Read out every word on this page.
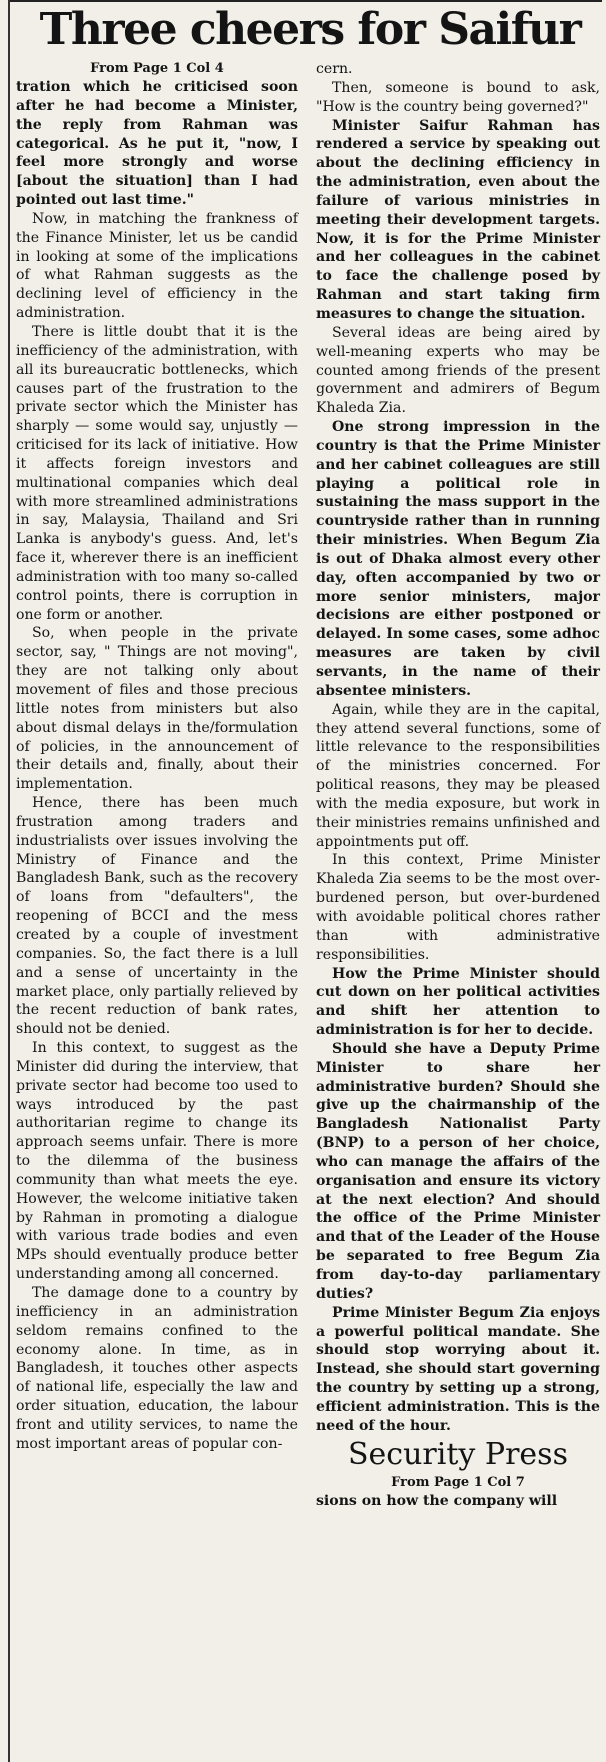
Three cheers for Saifur

From Page 1 Col 4

tration which he criticised soon after he had become a Minister, the reply from Rahman was categorical. As he put it, "now, I feel more strongly and worse [about the situation] than I had pointed out last time."

Now, in matching the frankness of the Finance Minister, let us be candid in looking at some of the implications of what Rahman suggests as the declining level of efficiency in the administration.

There is little doubt that it is the inefficiency of the administration, with all its bureaucratic bottlenecks, which causes part of the frustration to the private sector which the Minister has sharply — some would say, unjustly — criticised for its lack of initiative. How it affects foreign investors and multinational companies which deal with more streamlined administrations in say, Malaysia, Thailand and Sri Lanka is anybody's guess. And, let's face it, wherever there is an inefficient administration with too many so-called control points, there is corruption in one form or another.

So, when people in the private sector, say, " Things are not moving", they are not talking only about movement of files and those precious little notes from ministers but also about dismal delays in the/formulation of policies, in the announcement of their details and, finally, about their implementation.

Hence, there has been much frustration among traders and industrialists over issues involving the Ministry of Finance and the Bangladesh Bank, such as the recovery of loans from "defaulters", the reopening of BCCI and the mess created by a couple of investment companies. So, the fact there is a lull and a sense of uncertainty in the market place, only partially relieved by the recent reduction of bank rates, should not be denied.

In this context, to suggest as the Minister did during the interview, that private sector had become too used to ways introduced by the past authoritarian regime to change its approach seems unfair. There is more to the dilemma of the business community than what meets the eye. However, the welcome initiative taken by Rahman in promoting a dialogue with various trade bodies and even MPs should eventually produce better understanding among all concerned.

The damage done to a country by inefficiency in an administration seldom remains confined to the economy alone. In time, as in Bangladesh, it touches other aspects of national life, especially the law and order situation, education, the labour front and utility services, to name the most important areas of popular con-

cern.

Then, someone is bound to ask, "How is the country being governed?"

Minister Saifur Rahman has rendered a service by speaking out about the declining efficiency in the administration, even about the failure of various ministries in meeting their development targets. Now, it is for the Prime Minister and her colleagues in the cabinet to face the challenge posed by Rahman and start taking firm measures to change the situation.

Several ideas are being aired by well-meaning experts who may be counted among friends of the present government and admirers of Begum Khaleda Zia.

One strong impression in the country is that the Prime Minister and her cabinet colleagues are still playing a political role in sustaining the mass support in the countryside rather than in running their ministries. When Begum Zia is out of Dhaka almost every other day, often accompanied by two or more senior ministers, major decisions are either postponed or delayed. In some cases, some adhoc measures are taken by civil servants, in the name of their absentee ministers.

Again, while they are in the capital, they attend several functions, some of little relevance to the responsibilities of the ministries concerned. For political reasons, they may be pleased with the media exposure, but work in their ministries remains unfinished and appointments put off.

In this context, Prime Minister Khaleda Zia seems to be the most over-burdened person, but over-burdened with avoidable political chores rather than with administrative responsibilities.

How the Prime Minister should cut down on her political activities and shift her attention to administration is for her to decide.

Should she have a Deputy Prime Minister to share her administrative burden? Should she give up the chairmanship of the Bangladesh Nationalist Party (BNP) to a person of her choice, who can manage the affairs of the organisation and ensure its victory at the next election? And should the office of the Prime Minister and that of the Leader of the House be separated to free Begum Zia from day-to-day parliamentary duties?

Prime Minister Begum Zia enjoys a powerful political mandate. She should stop worrying about it. Instead, she should start governing the country by setting up a strong, efficient administration. This is the need of the hour.

Security Press

From Page 1 Col 7

sions on how the company will
